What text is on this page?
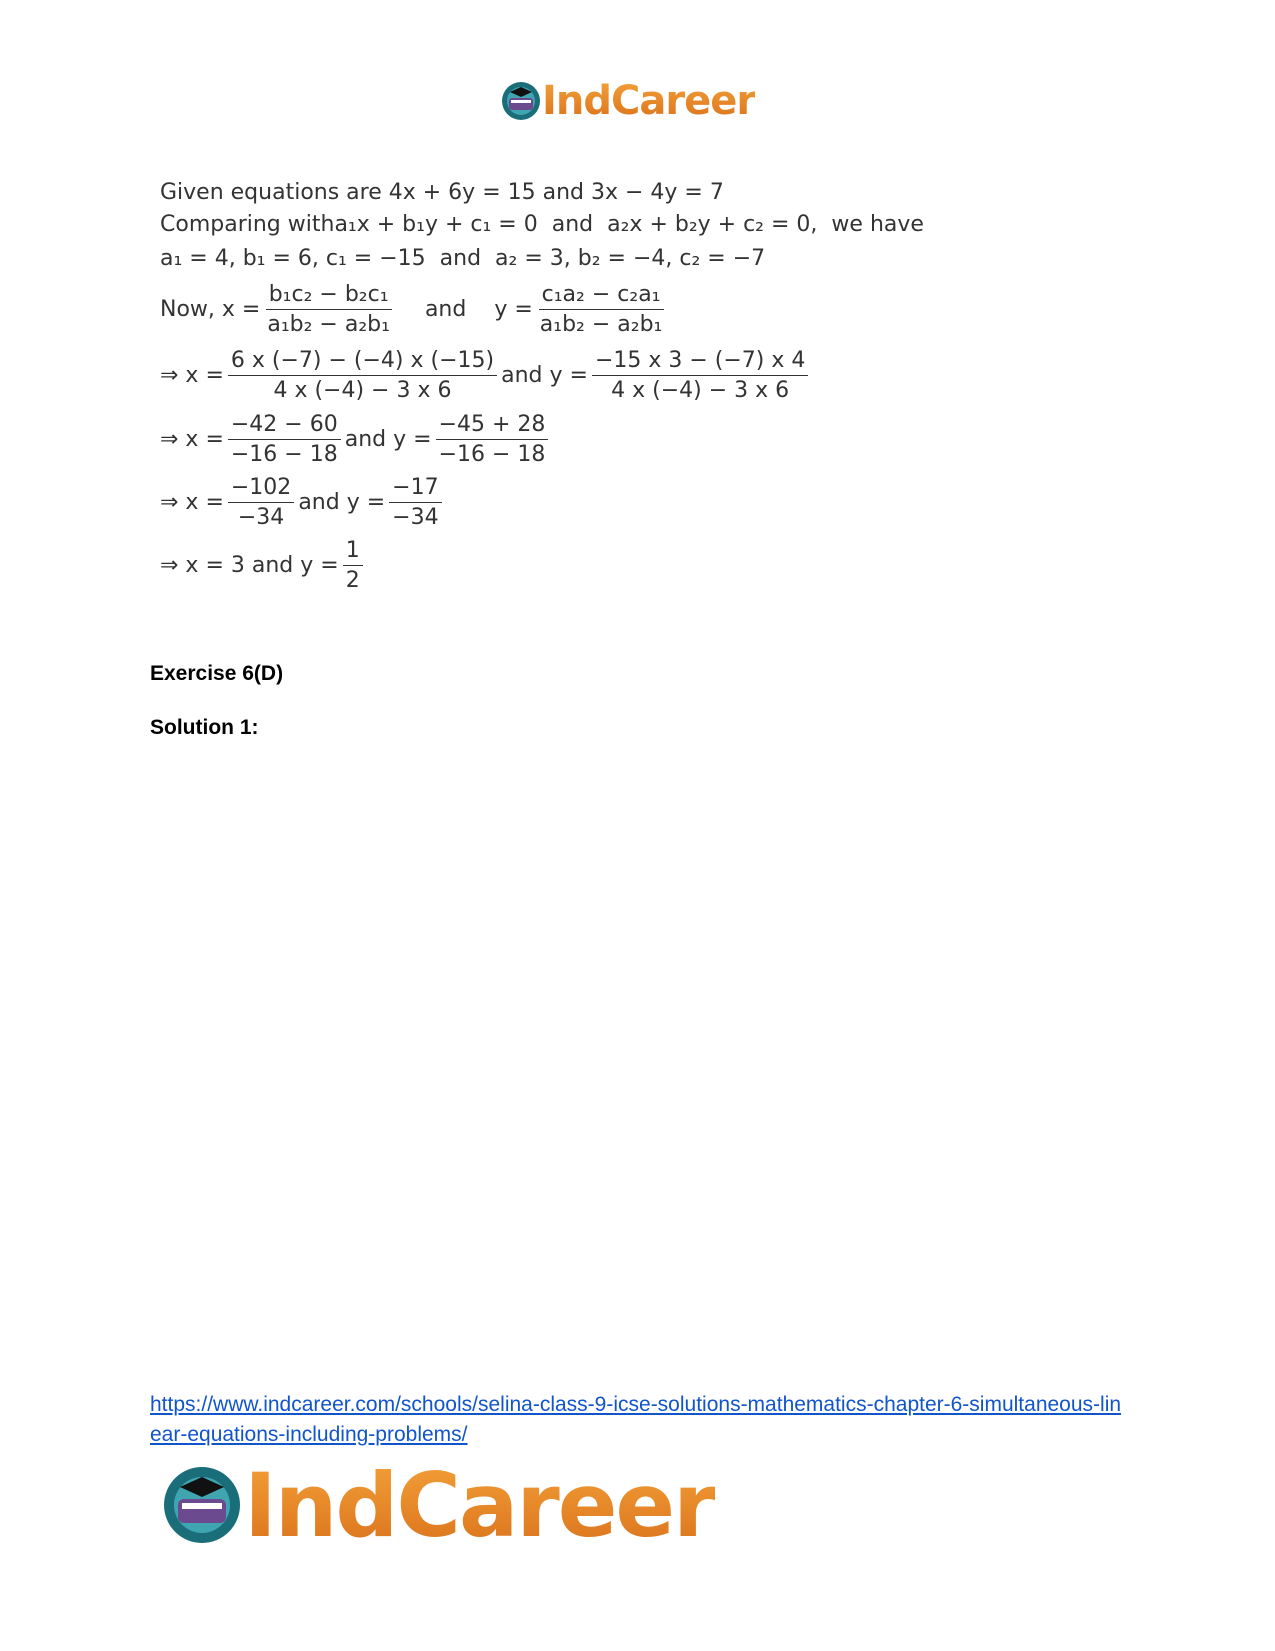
IndCareer
Given equations are 4x + 6y = 15 and 3x − 4y = 7
Comparing with a₁x + b₁y + c₁ = 0 and a₂x + b₂y + c₂ = 0, we have
a₁ = 4, b₁ = 6, c₁ = −15 and a₂ = 3, b₂ = −4, c₂ = −7
Now, $x = \frac{\text{b₁c₂ − b₂c₁}}{\text{a₁b₂ − a₂b₁}}$ and $y = \frac{\text{c₁a₂ − c₂a₁}}{\text{a₁b₂ − a₂b₁}}$
⇒ $x = \frac{6 x (-7) - (-4) x (-15)}{4 x (-4) - 3 x 6}$ and $y = \frac{-15 x 3 - (-7) x 4}{4 x (-4) - 3 x 6}$
⇒ $x = \frac{-42 - 60}{-16 - 18}$ and $y = \frac{-45 + 28}{-16 - 18}$
⇒ $x = \frac{-102}{-34}$ and $y = \frac{-17}{-34}$
⇒ x = 3 and $y = \frac{1}{2}$
Exercise 6(D)
Solution 1:
https://www.indcareer.com/schools/selina-class-9-icse-solutions-mathematics-chapter-6-simultaneous-linear-equations-including-problems/
IndCareer
